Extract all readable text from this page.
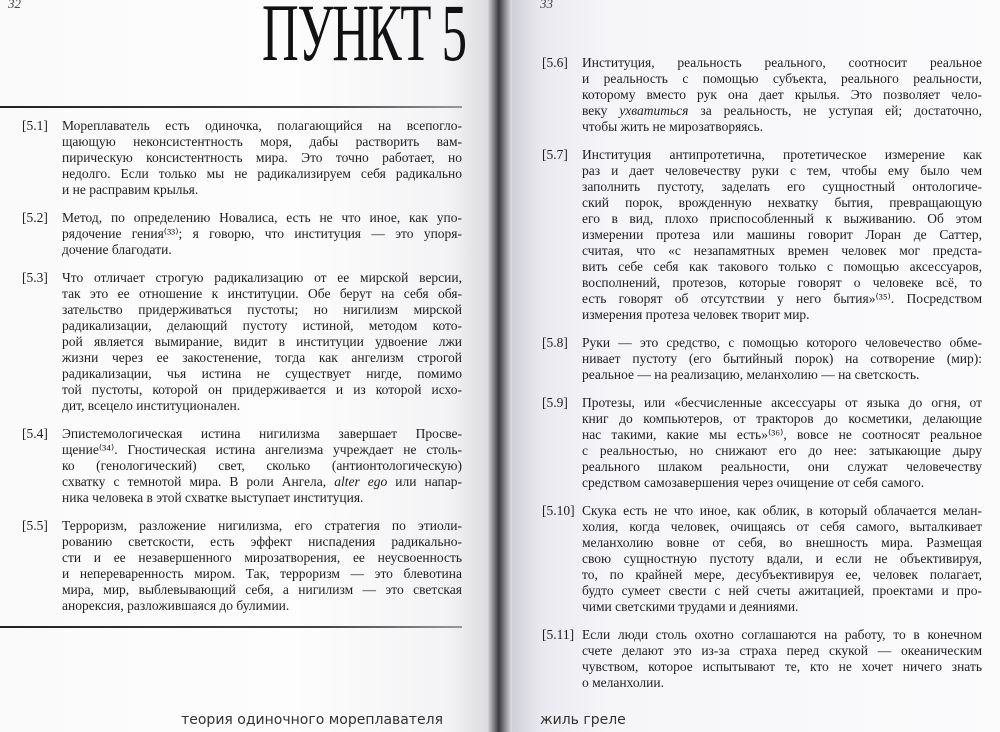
32	ПУНКТ 5
[5.1]	Мореплаватель есть одиночка, полагающийся на всепогло-
щающую неконсистентность моря, дабы растворить вам-
пирическую консистентность мира. Это точно работает, но
недолго. Если только мы не радикализируем себя радикально
и не расправим крылья.
[5.2]	Метод, по определению Новалиса, есть не что иное, как упо-
рядочение гения⁽³³⁾; я говорю, что институция — это упоря-
дочение благодати.
[5.3]	Что отличает строгую радикализацию от ее мирской версии,
так это ее отношение к институции. Обе берут на себя обя-
зательство придерживаться пустоты; но нигилизм мирской
радикализации, делающий пустоту истиной, методом кото-
рой является вымирание, видит в институции удвоение лжи
жизни через ее закостенение, тогда как ангелизм строгой
радикализации, чья истина не существует нигде, помимо
той пустоты, которой он придерживается и из которой исхо-
дит, всецело институционален.
[5.4]	Эпистемологическая истина нигилизма завершает Просве-
щение⁽³⁴⁾. Гностическая истина ангелизма учреждает не столь-
ко (генологический) свет, сколько (антионтологическую)
схватку с темнотой мира. В роли Ангела, alter ego или напар-
ника человека в этой схватке выступает институция.
[5.5]	Терроризм, разложение нигилизма, его стратегия по этиоли-
рованию светскости, есть эффект ниспадения радикально-
сти и ее незавершенного мирозатворения, ее неусвоенность
и непереваренность миром. Так, терроризм — это блевотина
мира, мир, выблевывающий себя, а нигилизм — это светская
анорексия, разложившаяся до булимии.
теория одиночного мореплавателя
33
[5.6]	Институция, реальность реального, соотносит реальное
и реальность с помощью субъекта, реального реальности,
которому вместо рук она дает крылья. Это позволяет чело-
веку ухватиться за реальность, не уступая ей; достаточно,
чтобы жить не мирозатворяясь.
[5.7]	Институция антипротетична, протетическое измерение как
раз и дает человечеству руки с тем, чтобы ему было чем
заполнить пустоту, заделать его сущностный онтологиче-
ский порок, врожденную нехватку бытия, превращающую
его в вид, плохо приспособленный к выживанию. Об этом
измерении протеза или машины говорит Лоран де Саттер,
считая, что «с незапамятных времен человек мог предста-
вить себе себя как такового только с помощью аксессуаров,
восполнений, протезов, которые говорят о человеке всё, то
есть говорят об отсутствии у него бытия»⁽³⁵⁾. Посредством
измерения протеза человек творит мир.
[5.8]	Руки — это средство, с помощью которого человечество обме-
нивает пустоту (его бытийный порок) на сотворение (мир):
реальное — на реализацию, меланхолию — на светскость.
[5.9]	Протезы, или «бесчисленные аксессуары от языка до огня, от
книг до компьютеров, от тракторов до косметики, делающие
нас такими, какие мы есть»⁽³⁶⁾, вовсе не соотносят реальное
с реальностью, но снижают его до нее: затыкающие дыру
реального шлаком реальности, они служат человечеству
средством самозавершения через очищение от себя самого.
[5.10] Скука есть не что иное, как облик, в который облачается мелан-
холия, когда человек, очищаясь от себя самого, выталкивает
меланхолию вовне от себя, во внешность мира. Размещая
свою сущностную пустоту вдали, и если не объективируя,
то, по крайней мере, десубъективируя ее, человек полагает,
будто сумеет свести с ней счеты ажитацией, проектами и про-
чими светскими трудами и деяниями.
[5.11] Если люди столь охотно соглашаются на работу, то в конечном
счете делают это из-за страха перед скукой — океаническим
чувством, которое испытывают те, кто не хочет ничего знать
о меланхолии.
жиль греле
